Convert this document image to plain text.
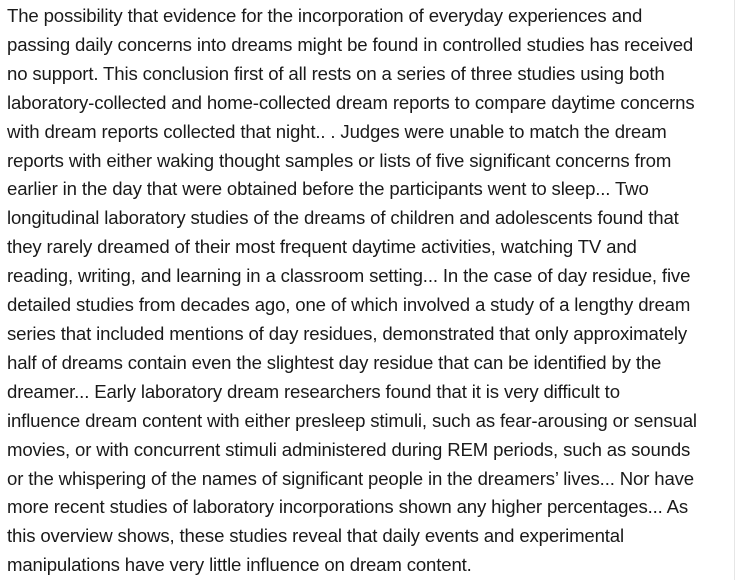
The possibility that evidence for the incorporation of everyday experiences and
passing daily concerns into dreams might be found in controlled studies has received
no support. This conclusion first of all rests on a series of three studies using both
laboratory-collected and home-collected dream reports to compare daytime concerns
with dream reports collected that night.. . Judges were unable to match the dream
reports with either waking thought samples or lists of five significant concerns from
earlier in the day that were obtained before the participants went to sleep... Two
longitudinal laboratory studies of the dreams of children and adolescents found that
they rarely dreamed of their most frequent daytime activities, watching TV and
reading, writing, and learning in a classroom setting... In the case of day residue, five
detailed studies from decades ago, one of which involved a study of a lengthy dream
series that included mentions of day residues, demonstrated that only approximately
half of dreams contain even the slightest day residue that can be identified by the
dreamer... Early laboratory dream researchers found that it is very difficult to
influence dream content with either presleep stimuli, such as fear-arousing or sensual
movies, or with concurrent stimuli administered during REM periods, such as sounds
or the whispering of the names of significant people in the dreamers’ lives... Nor have
more recent studies of laboratory incorporations shown any higher percentages... As
this overview shows, these studies reveal that daily events and experimental
manipulations have very little influence on dream content.
